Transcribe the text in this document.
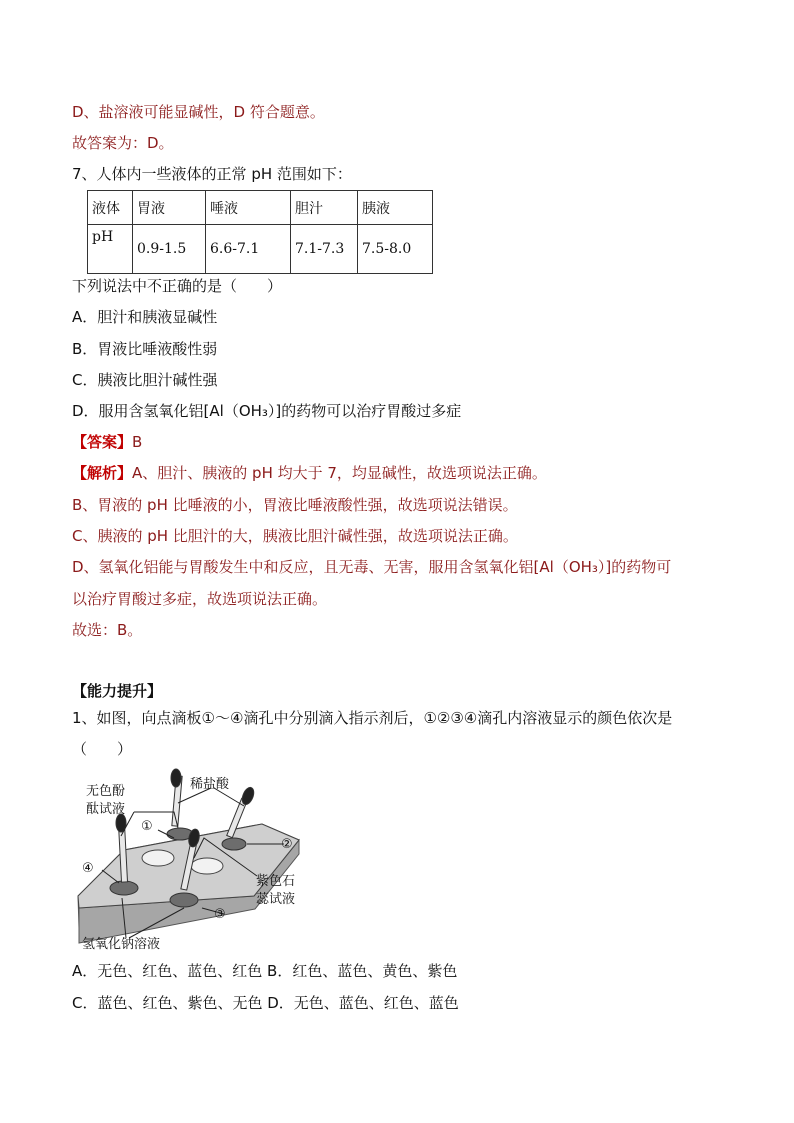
D、盐溶液可能显碱性，D 符合题意。
故答案为：D。
7、人体内一些液体的正常 pH 范围如下：
液体	胃液	唾液	胆汁	胰液
pH	0.9-1.5	6.6-7.1	7.1-7.3	7.5-8.0
下列说法中不正确的是（　　）
A．胆汁和胰液显碱性
B．胃液比唾液酸性弱
C．胰液比胆汁碱性强
D．服用含氢氧化铝[Al（OH₃）]的药物可以治疗胃酸过多症
【答案】B
【解析】A、胆汁、胰液的 pH 均大于 7，均显碱性，故选项说法正确。
B、胃液的 pH 比唾液的小，胃液比唾液酸性强，故选项说法错误。
C、胰液的 pH 比胆汁的大，胰液比胆汁碱性强，故选项说法正确。
D、氢氧化铝能与胃酸发生中和反应，且无毒、无害，服用含氢氧化铝[Al（OH₃）]的药物可
以治疗胃酸过多症，故选项说法正确。
故选：B。
【能力提升】
1、如图，向点滴板①～④滴孔中分别滴入指示剂后，①②③④滴孔内溶液显示的颜色依次是
（　　）
无色酚
酞试液
稀盐酸
紫色石
蕊试液
氢氧化钠溶液
①
②
③
④
A．无色、红色、蓝色、红色 B．红色、蓝色、黄色、紫色
C．蓝色、红色、紫色、无色 D．无色、蓝色、红色、蓝色
